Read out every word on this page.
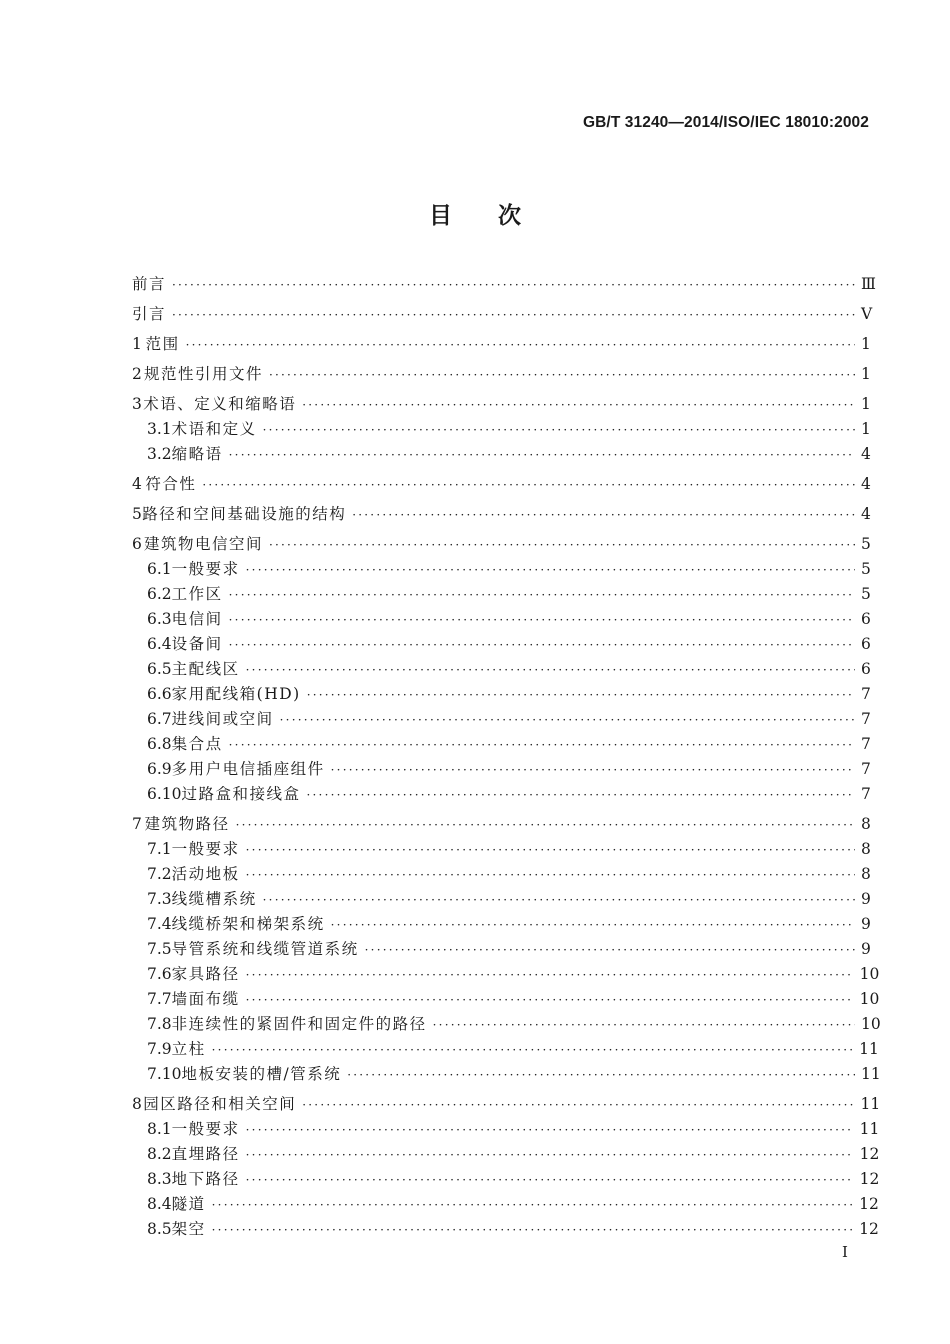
GB/T 31240—2014/ISO/IEC 18010:2002
目次
前言 ·····	Ⅲ
引言 ·····	Ⅴ
1 范围 ·····	1
2 规范性引用文件 ·····	1
3 术语、定义和缩略语 ·····	1
3.1 术语和定义 ·····	1
3.2 缩略语 ·····	4
4 符合性 ·····	4
5 路径和空间基础设施的结构 ·····	4
6 建筑物电信空间 ·····	5
6.1 一般要求 ·····	5
6.2 工作区 ·····	5
6.3 电信间 ·····	6
6.4 设备间 ·····	6
6.5 主配线区 ·····	6
6.6 家用配线箱(HD) ·····	7
6.7 进线间或空间 ·····	7
6.8 集合点 ·····	7
6.9 多用户电信插座组件 ·····	7
6.10 过路盒和接线盒 ·····	7
7 建筑物路径 ·····	8
7.1 一般要求 ·····	8
7.2 活动地板 ·····	8
7.3 线缆槽系统 ·····	9
7.4 线缆桥架和梯架系统 ·····	9
7.5 导管系统和线缆管道系统 ·····	9
7.6 家具路径 ·····	10
7.7 墙面布缆 ·····	10
7.8 非连续性的紧固件和固定件的路径 ·····	10
7.9 立柱 ·····	11
7.10 地板安装的槽/管系统 ·····	11
8 园区路径和相关空间 ·····	11
8.1 一般要求 ·····	11
8.2 直埋路径 ·····	12
8.3 地下路径 ·····	12
8.4 隧道 ·····	12
8.5 架空 ·····	12
I
